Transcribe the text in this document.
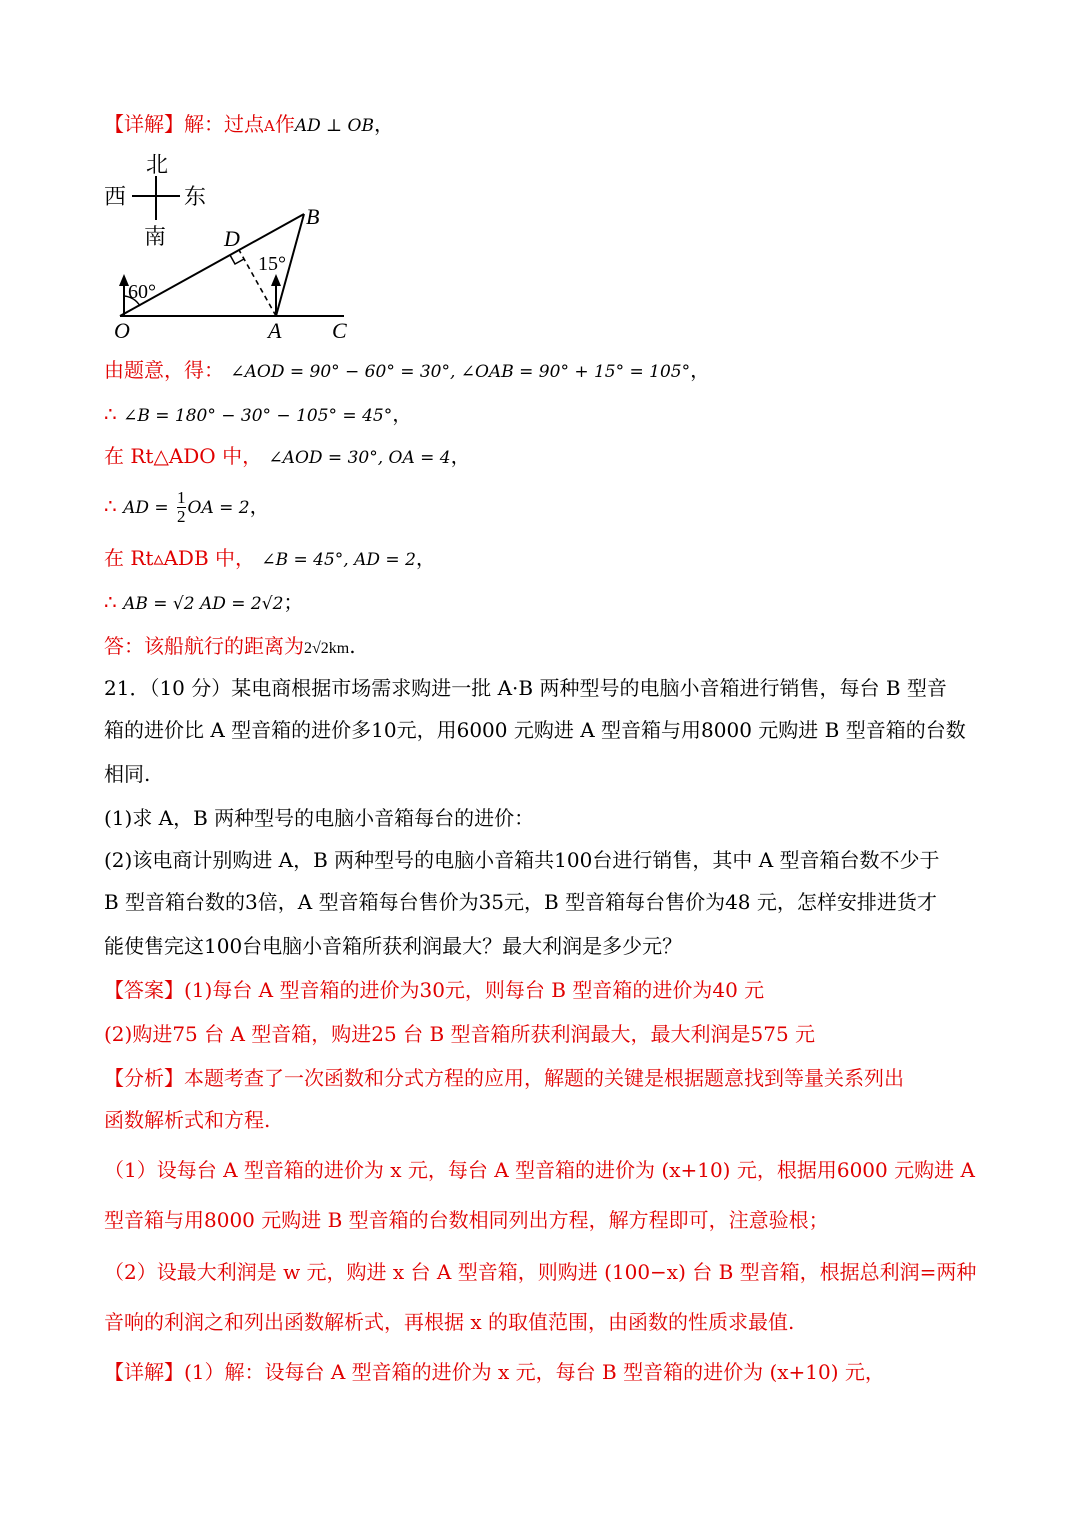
【详解】解：过点A作AD ⊥ OB，
北
西	东
南
60°
15°
B
D
O	A C
由题意，得： ∠AOD = 90° − 60° = 30°, ∠OAB = 90° + 15° = 105°，
∴ ∠B = 180° − 30° − 105° = 45°，
在 Rt△ADO 中， ∠AOD = 30°, OA = 4，
∴ AD = $\frac{1}{2}$ OA = 2，
在 Rt▵ADB 中， ∠B = 45°, AD = 2，
∴ AB = √2 AD = 2√2；
答：该船航行的距离为2√2km.
21．（10 分）某电商根据市场需求购进一批 A·B 两种型号的电脑小音箱进行销售，每台 B 型音
箱的进价比 A 型音箱的进价多10元，用6000 元购进 A 型音箱与用8000 元购进 B 型音箱的台数
相同.
(1)求 A，B 两种型号的电脑小音箱每台的进价：
(2)该电商计别购进 A，B 两种型号的电脑小音箱共100台进行销售，其中 A 型音箱台数不少于
B 型音箱台数的3倍，A 型音箱每台售价为35元，B 型音箱每台售价为48 元，怎样安排进货才
能使售完这100台电脑小音箱所获利润最大？最大利润是多少元？
【答案】(1)每台 A 型音箱的进价为30元，则每台 B 型音箱的进价为40 元
(2)购进75 台 A 型音箱，购进25 台 B 型音箱所获利润最大，最大利润是575 元
【分析】本题考查了一次函数和分式方程的应用，解题的关键是根据题意找到等量关系列出
函数解析式和方程.
（1）设每台 A 型音箱的进价为 x 元，每台 A 型音箱的进价为 (x+10) 元，根据用6000 元购进 A
型音箱与用8000 元购进 B 型音箱的台数相同列出方程，解方程即可，注意验根；
（2）设最大利润是 w 元，购进 x 台 A 型音箱，则购进 (100−x) 台 B 型音箱，根据总利润=两种
音响的利润之和列出函数解析式，再根据 x 的取值范围，由函数的性质求最值.
【详解】(1）解：设每台 A 型音箱的进价为 x 元，每台 B 型音箱的进价为 (x+10) 元，
